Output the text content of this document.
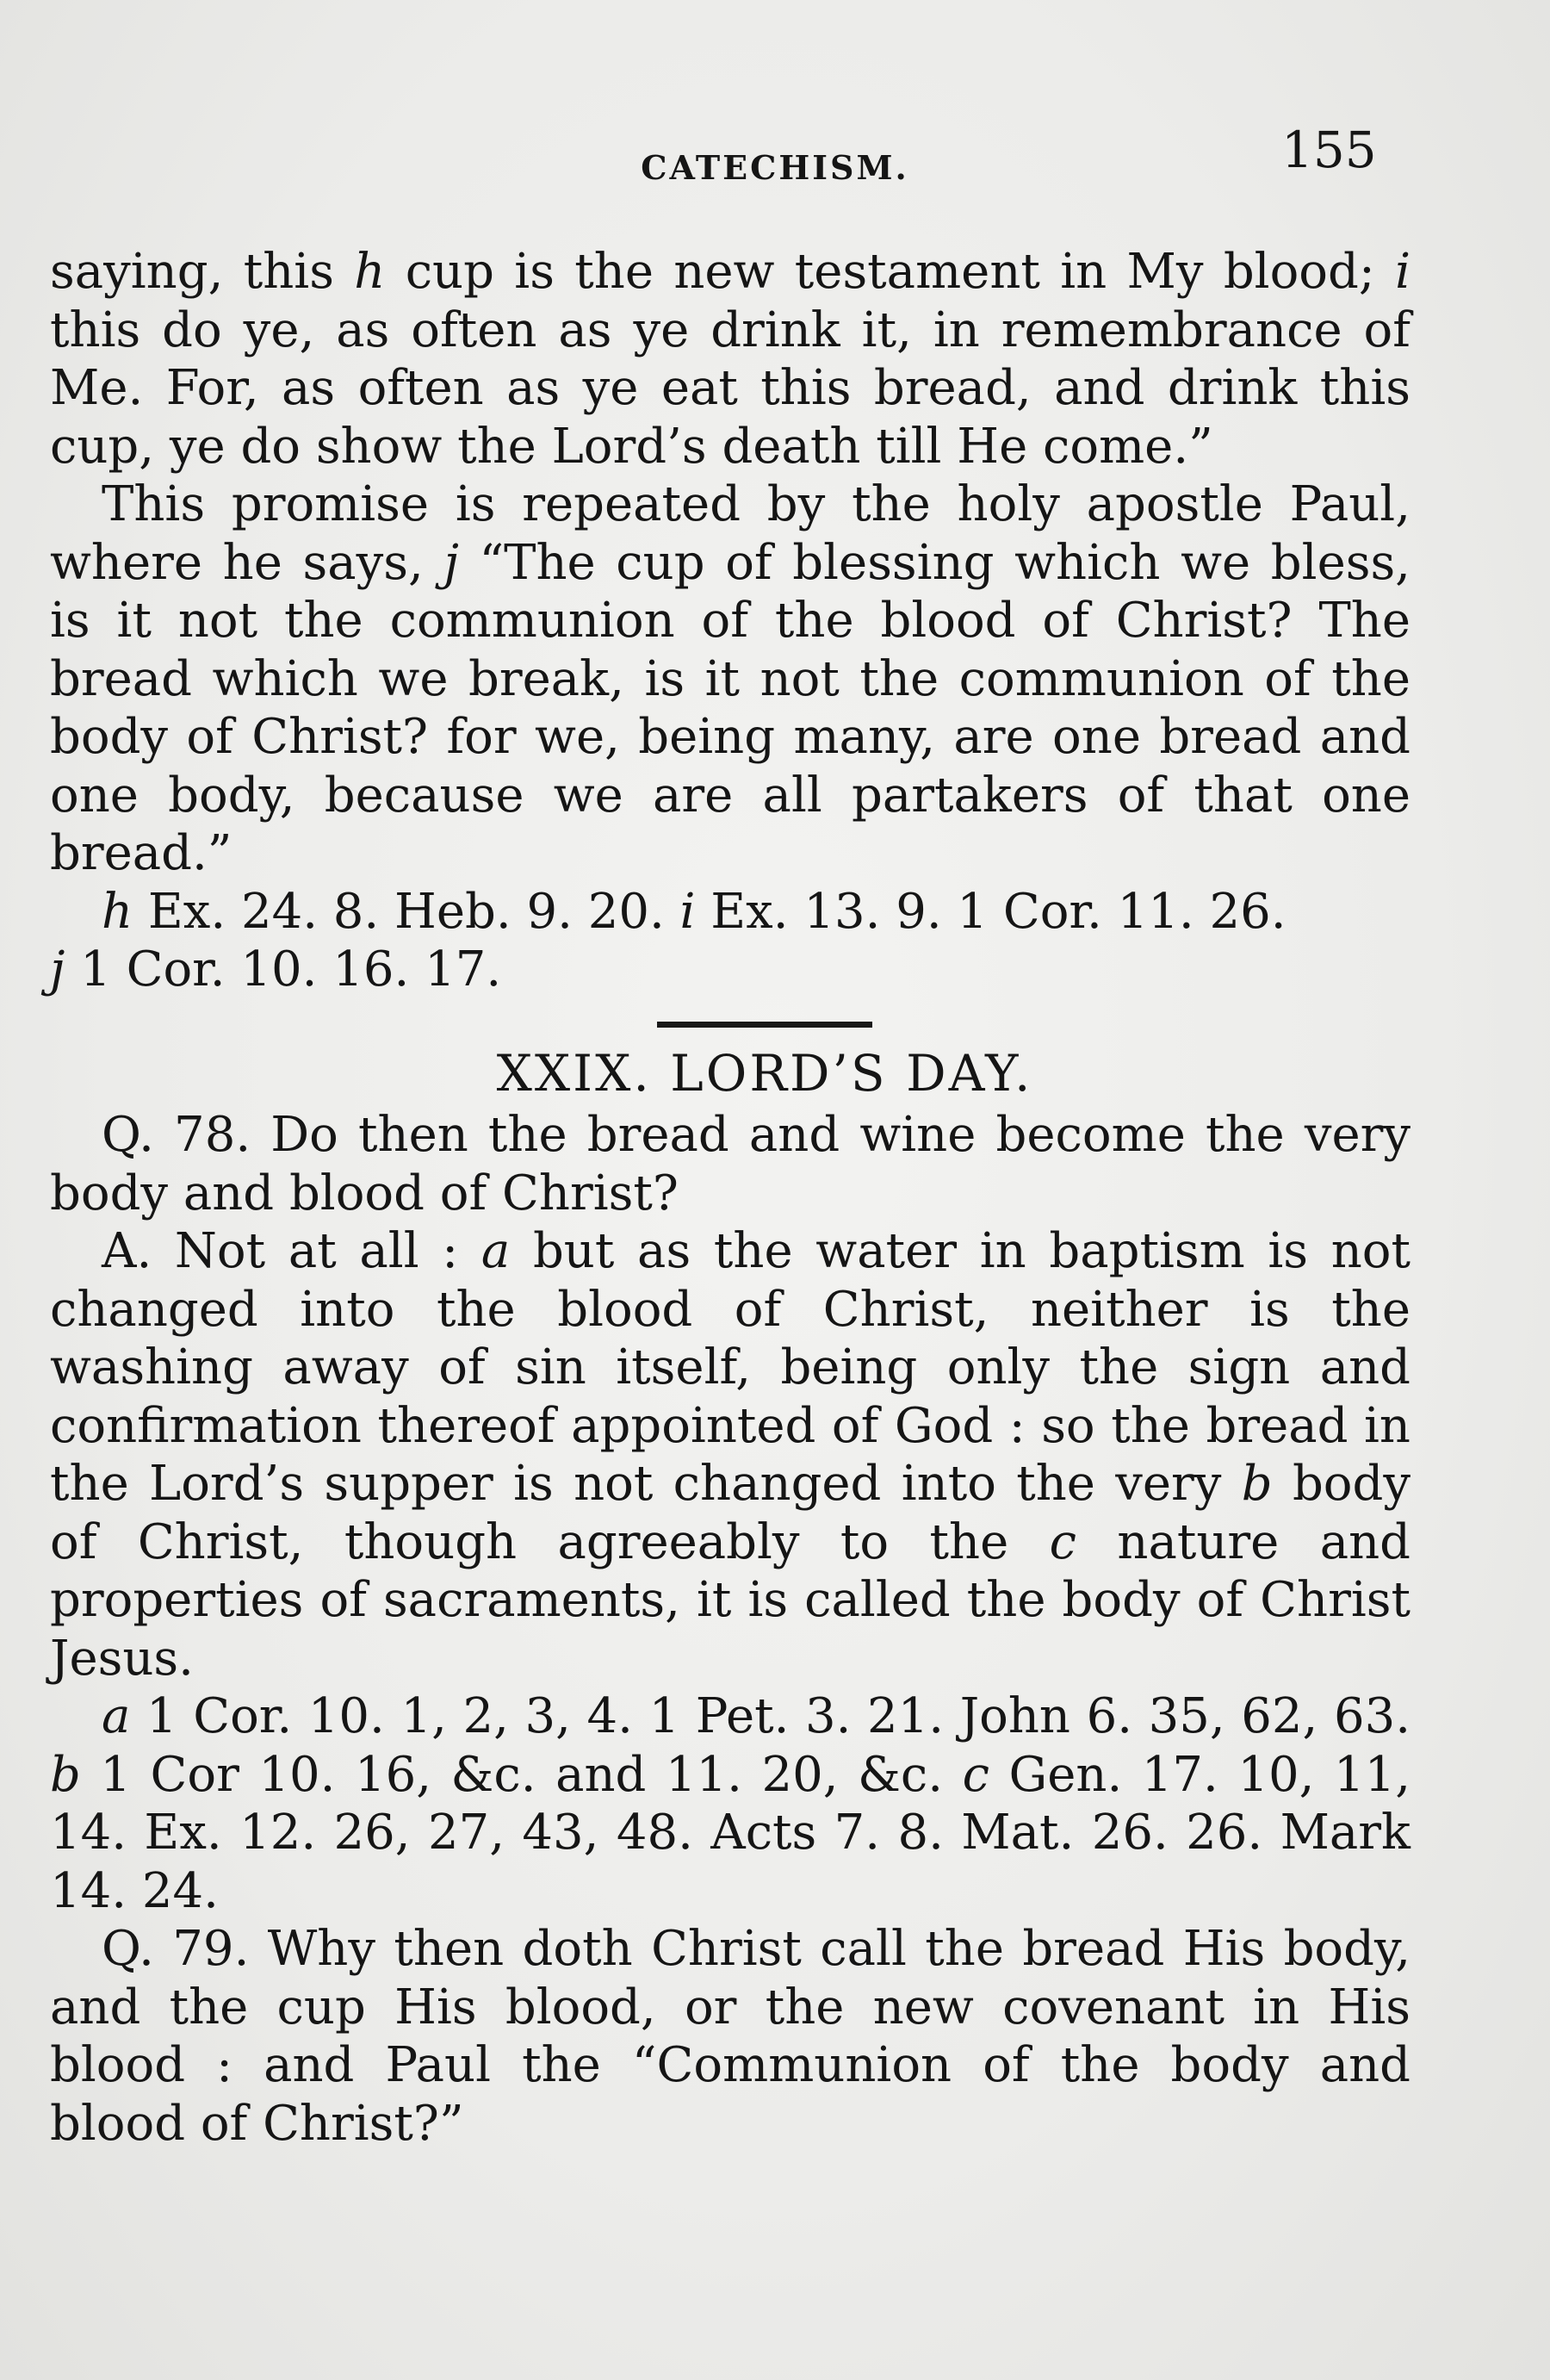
CATECHISM.	155

saying, this h cup is the new testament in My blood; i this do ye, as often as ye drink it, in remembrance of Me. For, as often as ye eat this bread, and drink this cup, ye do show the Lord’s death till He come.”

This promise is repeated by the holy apostle Paul, where he says, j “The cup of blessing which we bless, is it not the communion of the blood of Christ? The bread which we break, is it not the communion of the body of Christ? for we, being many, are one bread and one body, because we are all partakers of that one bread.”

h Ex. 24. 8. Heb. 9. 20. i Ex. 13. 9. 1 Cor. 11. 26.
j 1 Cor. 10. 16. 17.

XXIX. LORD’S DAY.

Q. 78. Do then the bread and wine become the very body and blood of Christ?

A. Not at all : a but as the water in baptism is not changed into the blood of Christ, neither is the washing away of sin itself, being only the sign and confirmation thereof appointed of God : so the bread in the Lord’s supper is not changed into the very b body of Christ, though agreeably to the c nature and properties of sacraments, it is called the body of Christ Jesus.

a 1 Cor. 10. 1, 2, 3, 4. 1 Pet. 3. 21. John 6. 35, 62, 63. b 1 Cor 10. 16, &c. and 11. 20, &c. c Gen. 17. 10, 11, 14. Ex. 12. 26, 27, 43, 48. Acts 7. 8. Mat. 26. 26. Mark 14. 24.

Q. 79. Why then doth Christ call the bread His body, and the cup His blood, or the new covenant in His blood : and Paul the “Communion of the body and blood of Christ?”
